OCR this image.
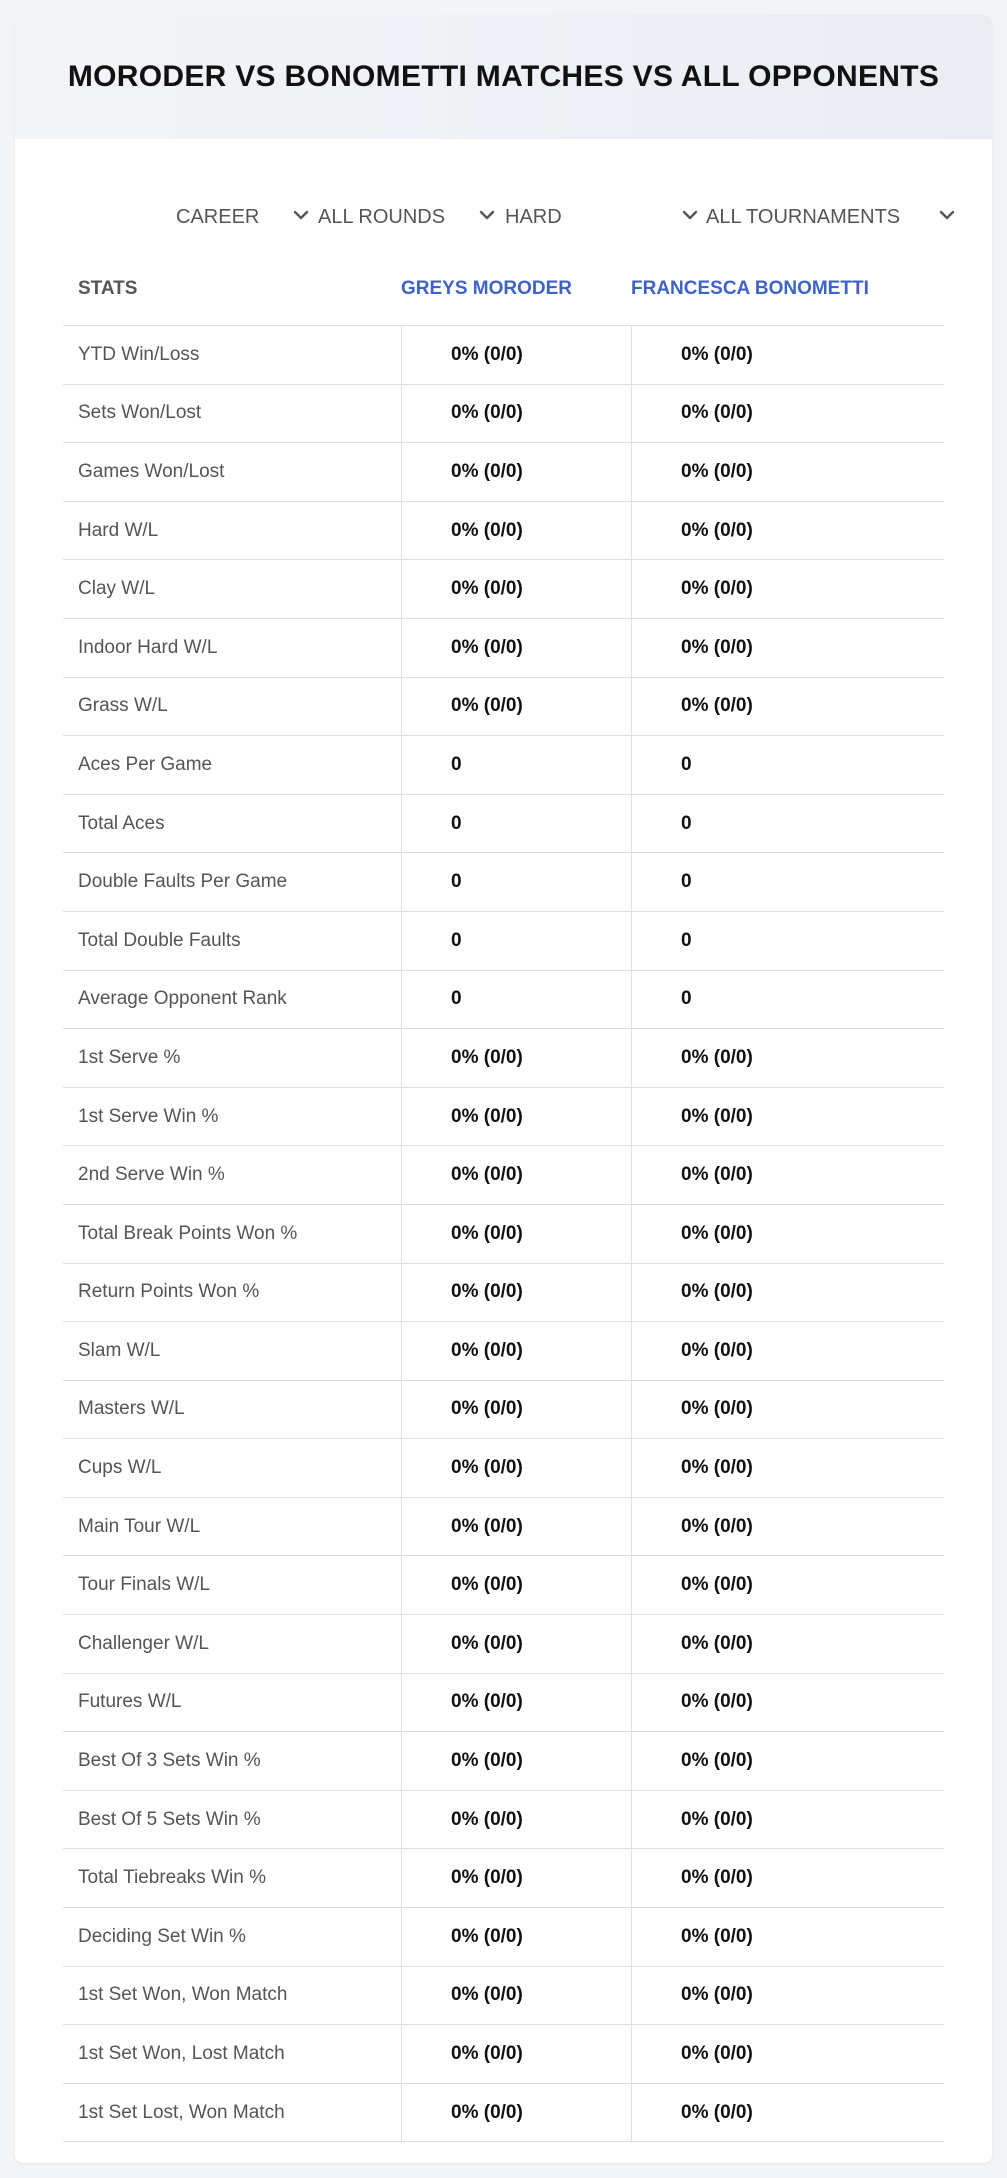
MORODER VS BONOMETTI MATCHES VS ALL OPPONENTS
CAREER	ALL ROUNDS	HARD	ALL TOURNAMENTS
STATS	GREYS MORODER	FRANCESCA BONOMETTI
YTD Win/Loss	0% (0/0)	0% (0/0)
Sets Won/Lost	0% (0/0)	0% (0/0)
Games Won/Lost	0% (0/0)	0% (0/0)
Hard W/L	0% (0/0)	0% (0/0)
Clay W/L	0% (0/0)	0% (0/0)
Indoor Hard W/L	0% (0/0)	0% (0/0)
Grass W/L	0% (0/0)	0% (0/0)
Aces Per Game	0	0
Total Aces	0	0
Double Faults Per Game	0	0
Total Double Faults	0	0
Average Opponent Rank	0	0
1st Serve %	0% (0/0)	0% (0/0)
1st Serve Win %	0% (0/0)	0% (0/0)
2nd Serve Win %	0% (0/0)	0% (0/0)
Total Break Points Won %	0% (0/0)	0% (0/0)
Return Points Won %	0% (0/0)	0% (0/0)
Slam W/L	0% (0/0)	0% (0/0)
Masters W/L	0% (0/0)	0% (0/0)
Cups W/L	0% (0/0)	0% (0/0)
Main Tour W/L	0% (0/0)	0% (0/0)
Tour Finals W/L	0% (0/0)	0% (0/0)
Challenger W/L	0% (0/0)	0% (0/0)
Futures W/L	0% (0/0)	0% (0/0)
Best Of 3 Sets Win %	0% (0/0)	0% (0/0)
Best Of 5 Sets Win %	0% (0/0)	0% (0/0)
Total Tiebreaks Win %	0% (0/0)	0% (0/0)
Deciding Set Win %	0% (0/0)	0% (0/0)
1st Set Won, Won Match	0% (0/0)	0% (0/0)
1st Set Won, Lost Match	0% (0/0)	0% (0/0)
1st Set Lost, Won Match	0% (0/0)	0% (0/0)
